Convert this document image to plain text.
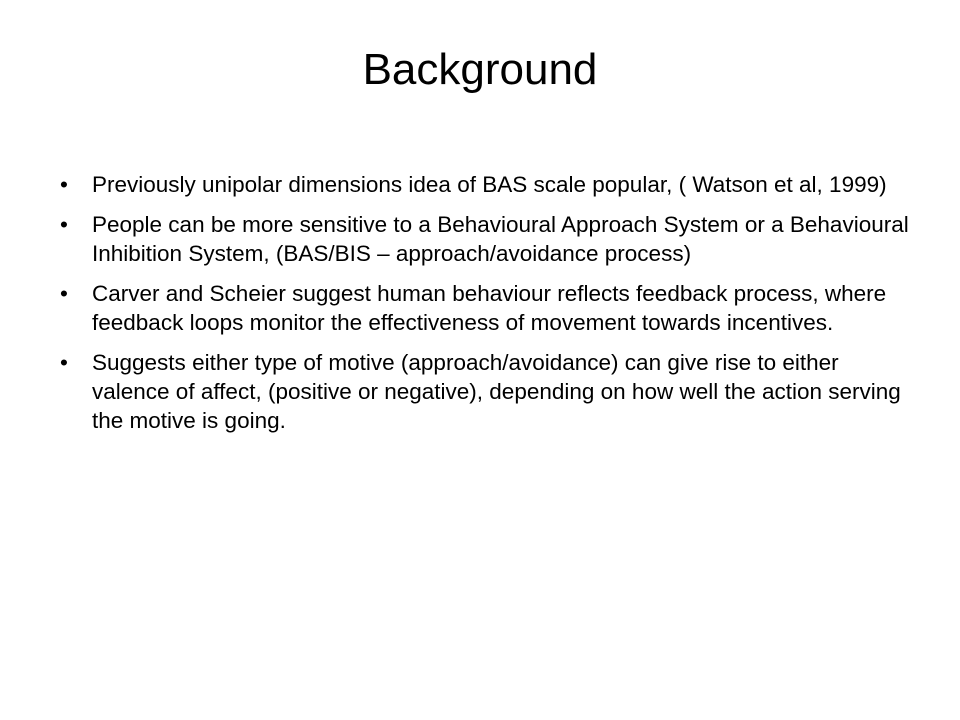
Background
•	Previously unipolar dimensions idea of BAS scale popular, ( Watson et al, 1999)
•	People can be more sensitive to a Behavioural Approach System or a Behavioural Inhibition System, (BAS/BIS – approach/avoidance process)
•	Carver and Scheier suggest human behaviour reflects feedback process, where feedback loops monitor the effectiveness of movement towards incentives.
•	Suggests either type of motive (approach/avoidance) can give rise to either valence of affect, (positive or negative), depending on how well the action serving the motive is going.
